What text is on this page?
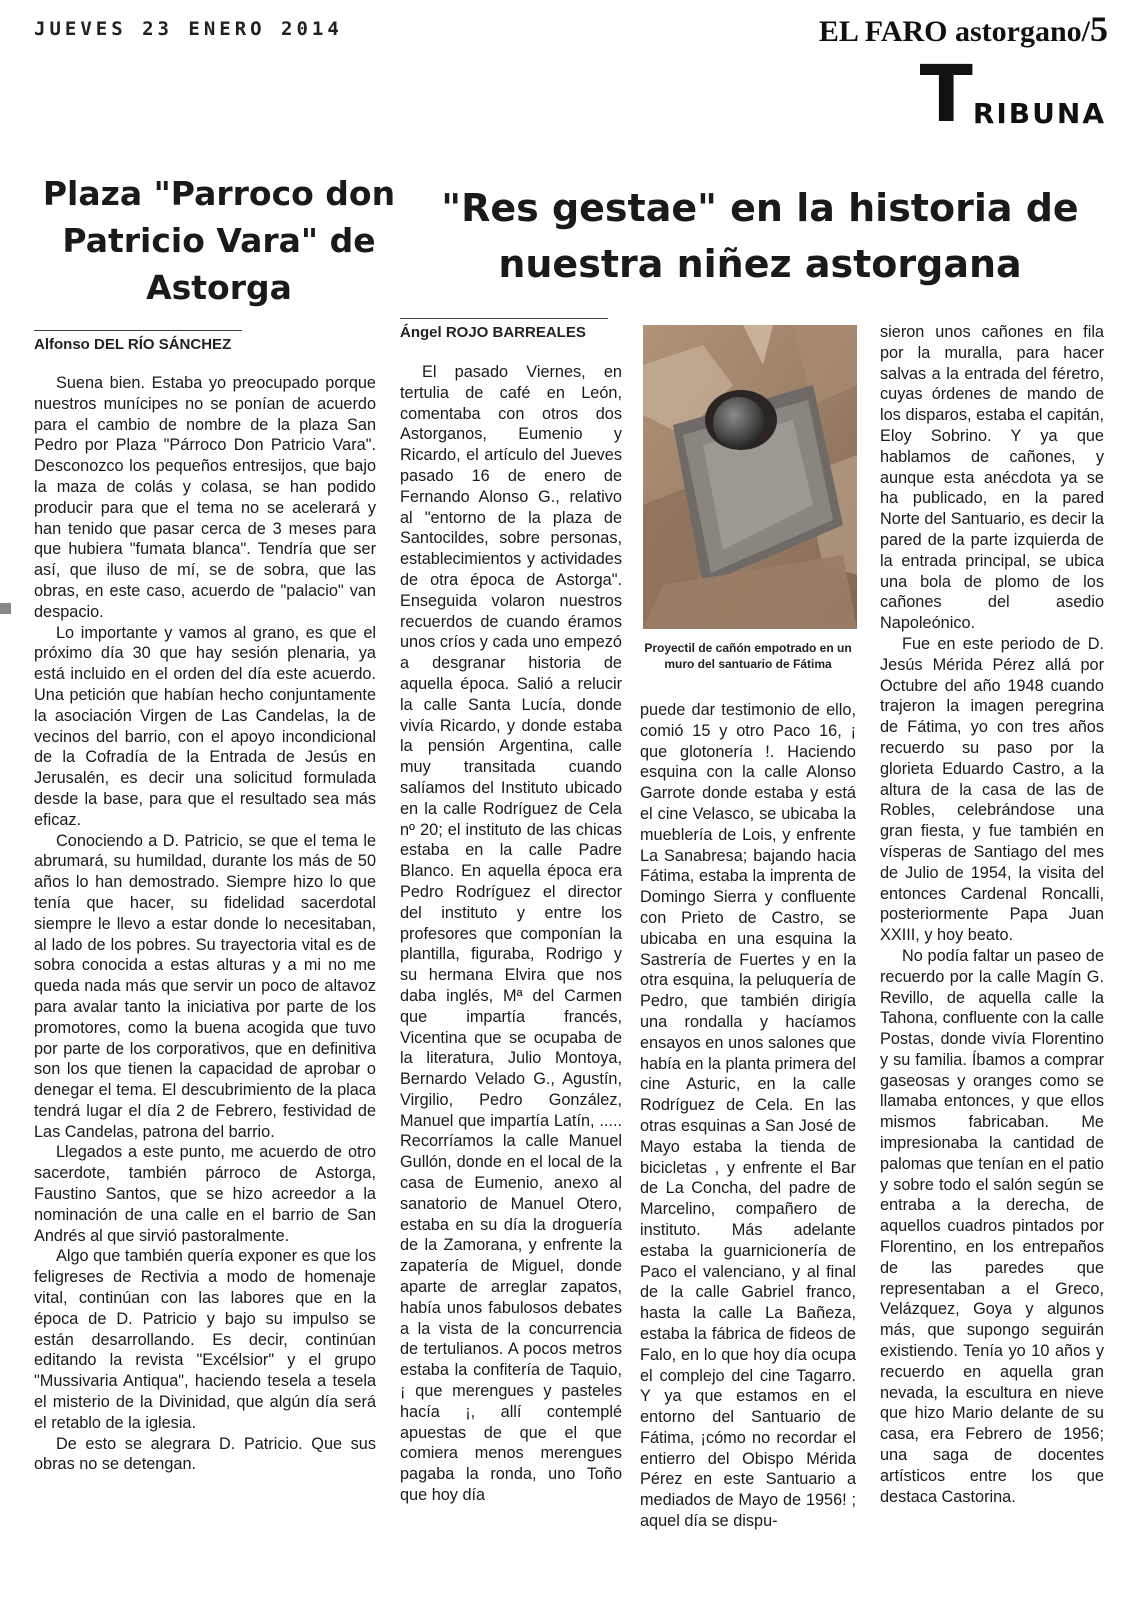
JUEVES 23 ENERO 2014	EL FARO astorgano/5
TRIBUNA
Plaza "Parroco don Patricio Vara" de Astorga

Alfonso DEL RÍO SÁNCHEZ

Suena bien. Estaba yo preocupado porque nuestros munícipes no se ponían de acuerdo para el cambio de nombre de la plaza San Pedro por Plaza "Párroco Don Patricio Vara". Desconozco los pequeños entresijos, que bajo la maza de colás y colasa, se han podido producir para que el tema no se acelerará y han tenido que pasar cerca de 3 meses para que hubiera "fumata blanca". Tendría que ser así, que iluso de mí, se de sobra, que las obras, en este caso, acuerdo de "palacio" van despacio.

Lo importante y vamos al grano, es que el próximo día 30 que hay sesión plenaria, ya está incluido en el orden del día este acuerdo. Una petición que habían hecho conjuntamente la asociación Virgen de Las Candelas, la de vecinos del barrio, con el apoyo incondicional de la Cofradía de la Entrada de Jesús en Jerusalén, es decir una solicitud formulada desde la base, para que el resultado sea más eficaz.

Conociendo a D. Patricio, se que el tema le abrumará, su humildad, durante los más de 50 años lo han demostrado. Siempre hizo lo que tenía que hacer, su fidelidad sacerdotal siempre le llevo a estar donde lo necesitaban, al lado de los pobres. Su trayectoria vital es de sobra conocida a estas alturas y a mi no me queda nada más que servir un poco de altavoz para avalar tanto la iniciativa por parte de los promotores, como la buena acogida que tuvo por parte de los corporativos, que en definitiva son los que tienen la capacidad de aprobar o denegar el tema. El descubrimiento de la placa tendrá lugar el día 2 de Febrero, festividad de Las Candelas, patrona del barrio.

Llegados a este punto, me acuerdo de otro sacerdote, también párroco de Astorga, Faustino Santos, que se hizo acreedor a la nominación de una calle en el barrio de San Andrés al que sirvió pastoralmente.

Algo que también quería exponer es que los feligreses de Rectivia a modo de homenaje vital, continúan con las labores que en la época de D. Patricio y bajo su impulso se están desarrollando. Es decir, continúan editando la revista "Excélsior" y el grupo "Mussivaria Antiqua", haciendo tesela a tesela el misterio de la Divinidad, que algún día será el retablo de la iglesia.

De esto se alegrara D. Patricio. Que sus obras no se detengan.

"Res gestae" en la historia de nuestra niñez astorgana

Ángel ROJO BARREALES

El pasado Viernes, en tertulia de café en León, comentaba con otros dos Astorganos, Eumenio y Ricardo, el artículo del Jueves pasado 16 de enero de Fernando Alonso G., relativo al "entorno de la plaza de Santocildes, sobre personas, establecimientos y actividades de otra época de Astorga". Enseguida volaron nuestros recuerdos de cuando éramos unos críos y cada uno empezó a desgranar historia de aquella época. Salió a relucir la calle Santa Lucía, donde vivía Ricardo, y donde estaba la pensión Argentina, calle muy transitada cuando salíamos del Instituto ubicado en la calle Rodríguez de Cela nº 20; el instituto de las chicas estaba en la calle Padre Blanco. En aquella época era Pedro Rodríguez el director del instituto y entre los profesores que componían la plantilla, figuraba, Rodrigo y su hermana Elvira que nos daba inglés, Mª del Carmen que impartía francés, Vicentina que se ocupaba de la literatura, Julio Montoya, Bernardo Velado G., Agustín, Virgilio, Pedro González, Manuel que impartía Latín, ..... Recorríamos la calle Manuel Gullón, donde en el local de la casa de Eumenio, anexo al sanatorio de Manuel Otero, estaba en su día la droguería de la Zamorana, y enfrente la zapatería de Miguel, donde aparte de arreglar zapatos, había unos fabulosos debates a la vista de la concurrencia de tertulianos. A pocos metros estaba la confitería de Taquio, ¡ que merengues y pasteles hacía ¡, allí contemplé apuestas de que el que comiera menos merengues pagaba la ronda, uno Toño que hoy día

Proyectil de cañón empotrado en un muro del santuario de Fátima

puede dar testimonio de ello, comió 15 y otro Paco 16, ¡ que glotonería !. Haciendo esquina con la calle Alonso Garrote donde estaba y está el cine Velasco, se ubicaba la mueblería de Lois, y enfrente La Sanabresa; bajando hacia Fátima, estaba la imprenta de Domingo Sierra y confluente con Prieto de Castro, se ubicaba en una esquina la Sastrería de Fuertes y en la otra esquina, la peluquería de Pedro, que también dirigía una rondalla y hacíamos ensayos en unos salones que había en la planta primera del cine Asturic, en la calle Rodríguez de Cela. En las otras esquinas a San José de Mayo estaba la tienda de bicicletas , y enfrente el Bar de La Concha, del padre de Marcelino, compañero de instituto. Más adelante estaba la guarnicionería de Paco el valenciano, y al final de la calle Gabriel franco, hasta la calle La Bañeza, estaba la fábrica de fideos de Falo, en lo que hoy día ocupa el complejo del cine Tagarro. Y ya que estamos en el entorno del Santuario de Fátima, ¡cómo no recordar el entierro del Obispo Mérida Pérez en este Santuario a mediados de Mayo de 1956! ; aquel día se dispu-

sieron unos cañones en fila por la muralla, para hacer salvas a la entrada del féretro, cuyas órdenes de mando de los disparos, estaba el capitán, Eloy Sobrino. Y ya que hablamos de cañones, y aunque esta anécdota ya se ha publicado, en la pared Norte del Santuario, es decir la pared de la parte izquierda de la entrada principal, se ubica una bola de plomo de los cañones del asedio Napoleónico.

Fue en este periodo de D. Jesús Mérida Pérez allá por Octubre del año 1948 cuando trajeron la imagen peregrina de Fátima, yo con tres años recuerdo su paso por la glorieta Eduardo Castro, a la altura de la casa de las de Robles, celebrándose una gran fiesta, y fue también en vísperas de Santiago del mes de Julio de 1954, la visita del entonces Cardenal Roncalli, posteriormente Papa Juan XXIII, y hoy beato.

No podía faltar un paseo de recuerdo por la calle Magín G. Revillo, de aquella calle la Tahona, confluente con la calle Postas, donde vivía Florentino y su familia. Íbamos a comprar gaseosas y oranges como se llamaba entonces, y que ellos mismos fabricaban. Me impresionaba la cantidad de palomas que tenían en el patio y sobre todo el salón según se entraba a la derecha, de aquellos cuadros pintados por Florentino, en los entrepaños de las paredes que representaban a el Greco, Velázquez, Goya y algunos más, que supongo seguirán existiendo. Tenía yo 10 años y recuerdo en aquella gran nevada, la escultura en nieve que hizo Mario delante de su casa, era Febrero de 1956; una saga de docentes artísticos entre los que destaca Castorina.
